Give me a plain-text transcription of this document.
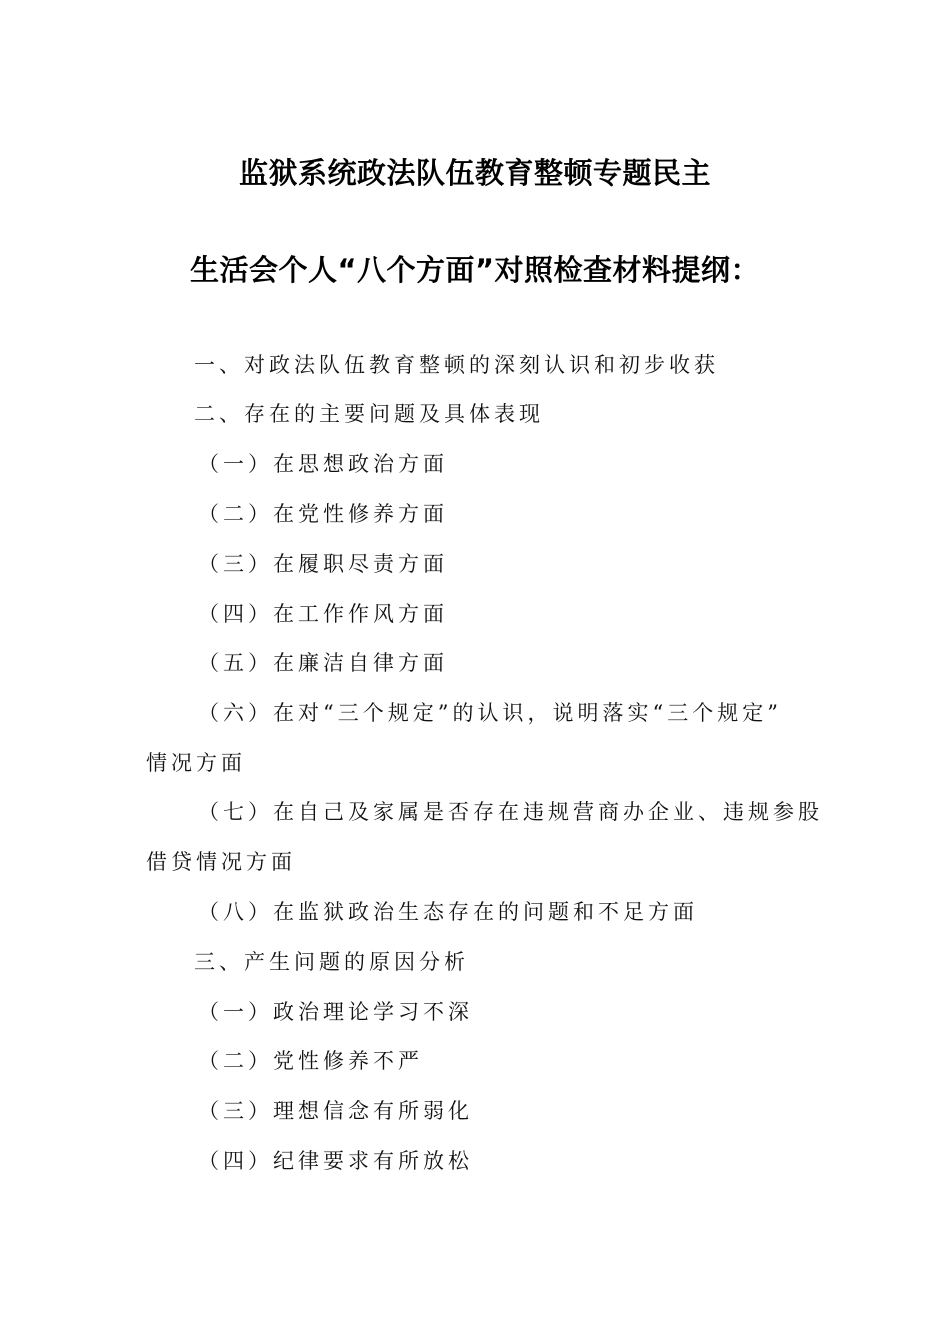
监狱系统政法队伍教育整顿专题民主
生活会个人“八个方面”对照检查材料提纲：
一、对政法队伍教育整顿的深刻认识和初步收获
二、存在的主要问题及具体表现
（一）在思想政治方面
（二）在党性修养方面
（三）在履职尽责方面
（四）在工作作风方面
（五）在廉洁自律方面
（六）在对“三个规定”的认识，说明落实“三个规定”
情况方面
（七）在自己及家属是否存在违规营商办企业、违规参股
借贷情况方面
（八）在监狱政治生态存在的问题和不足方面
三、产生问题的原因分析
（一）政治理论学习不深
（二）党性修养不严
（三）理想信念有所弱化
（四）纪律要求有所放松
